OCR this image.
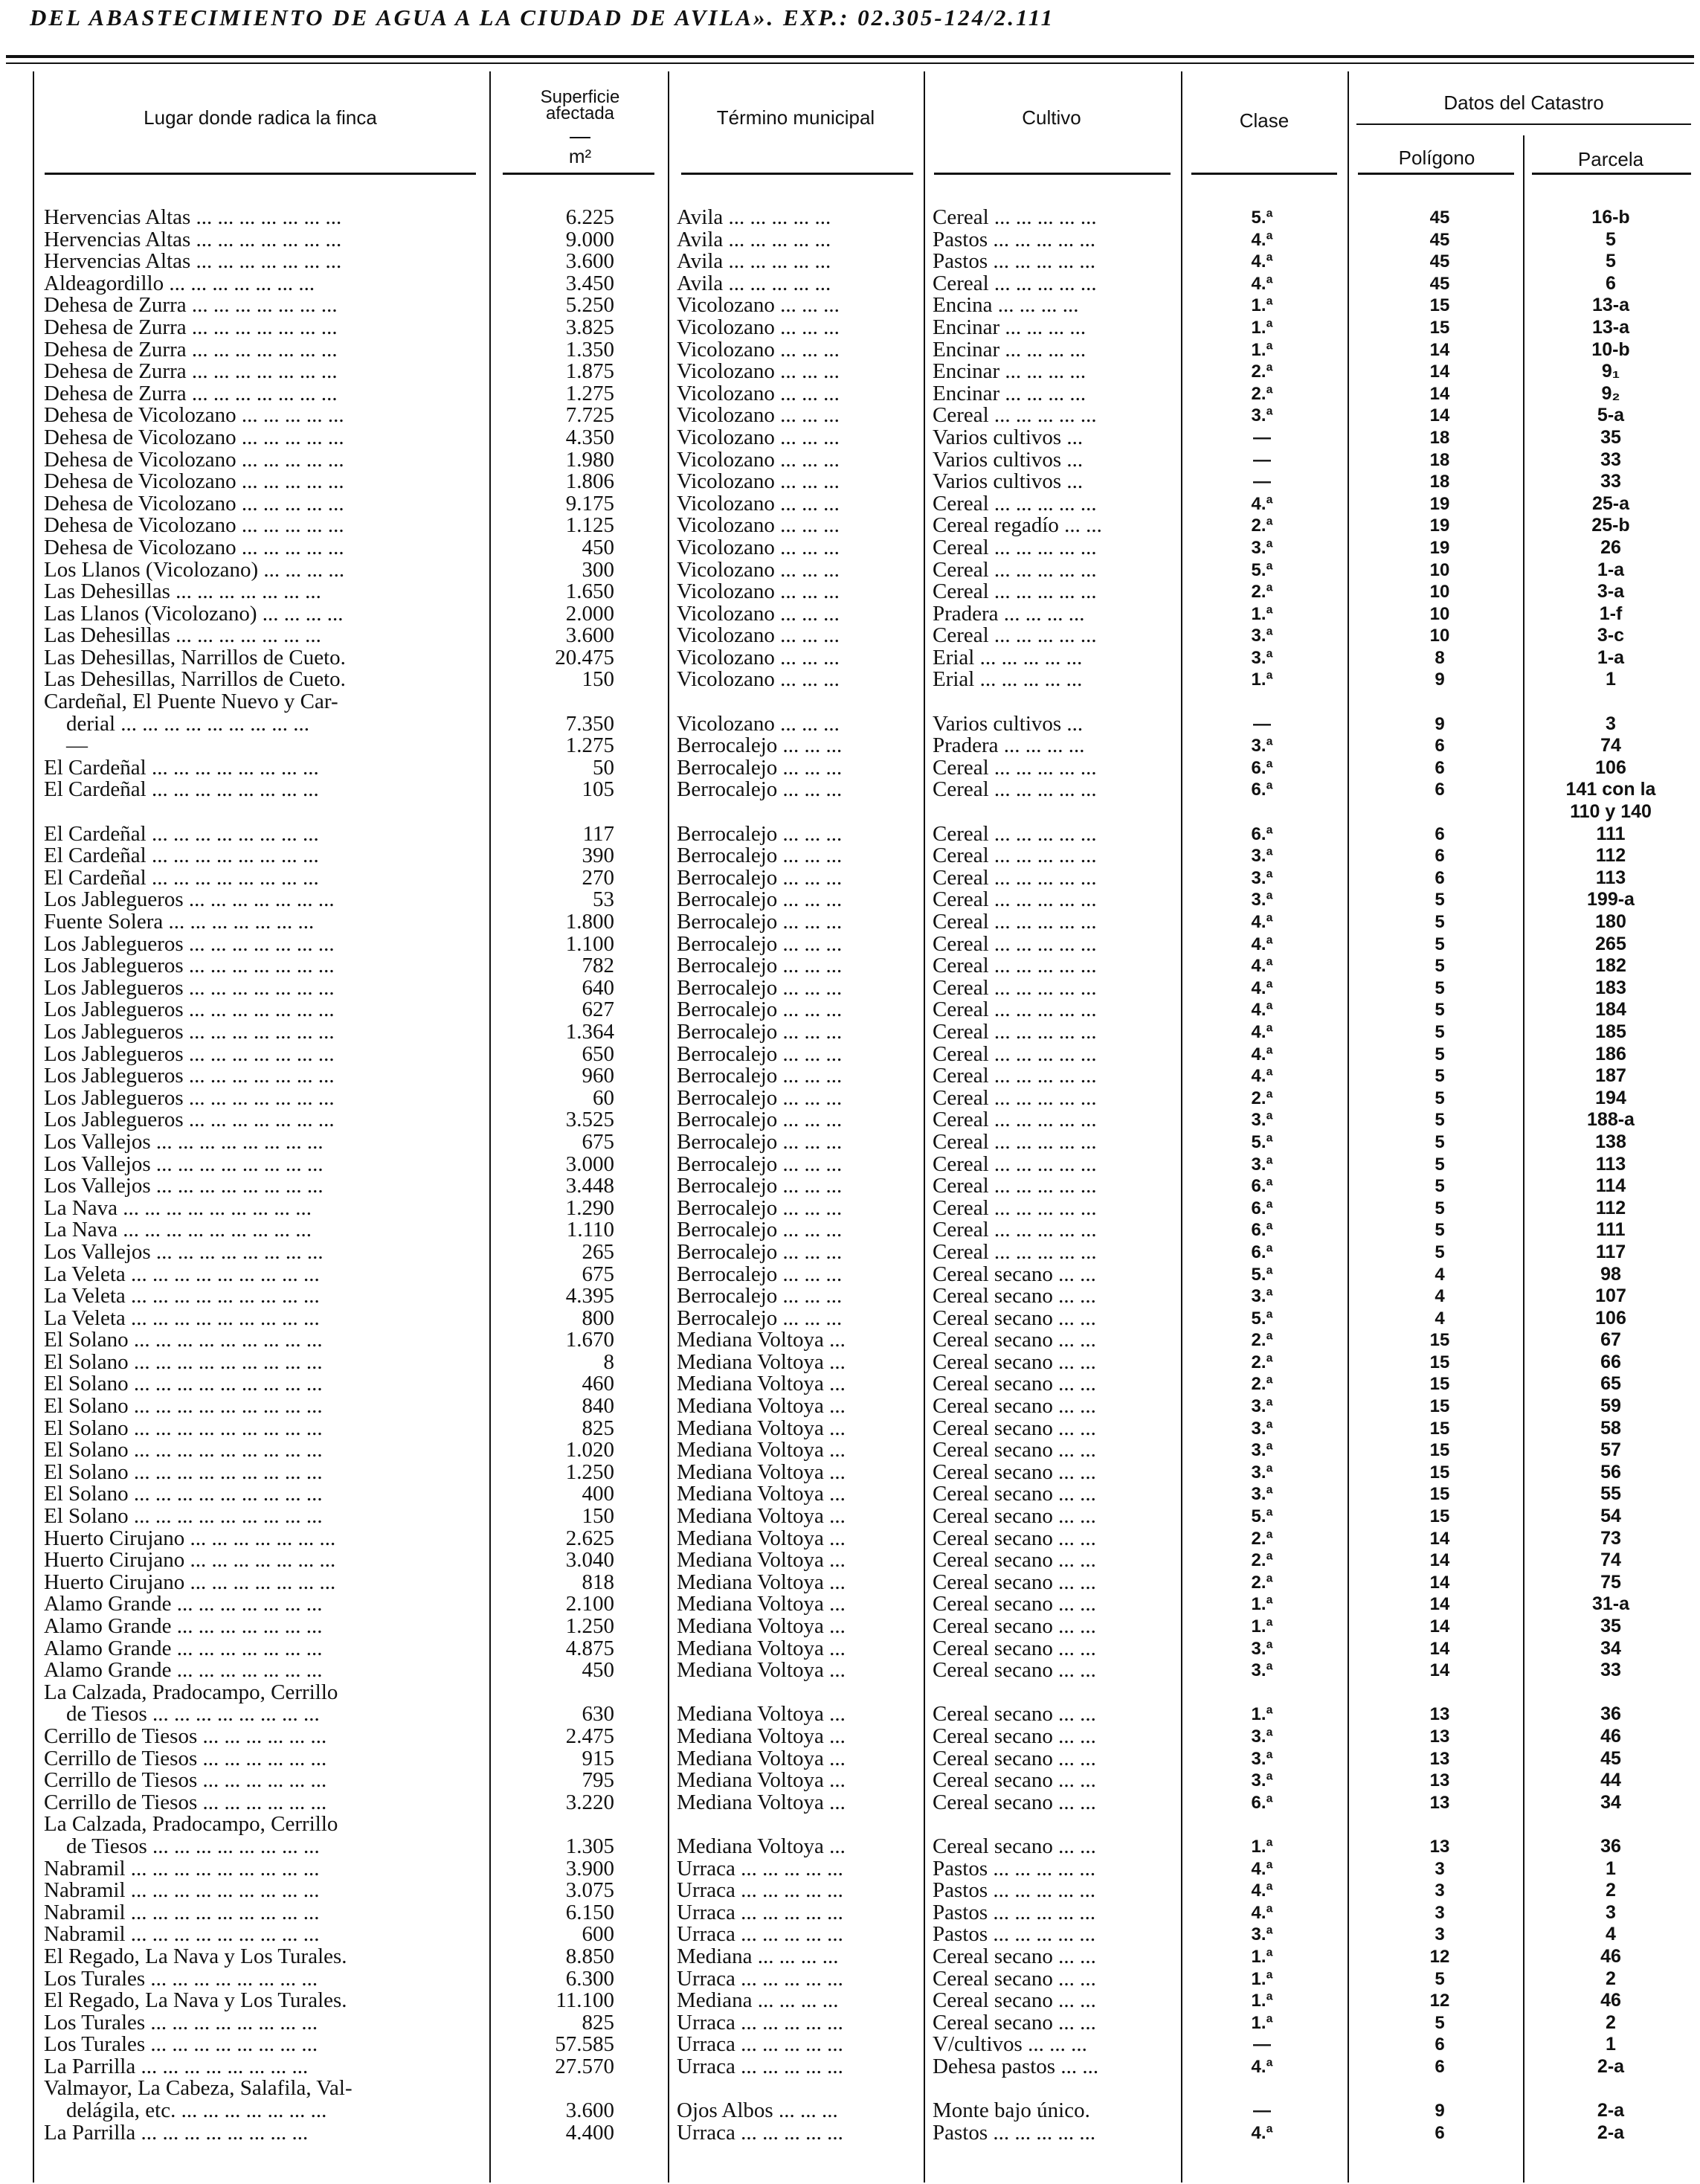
DEL ABASTECIMIENTO DE AGUA A LA CIUDAD DE AVILA». EXP.: 02.305-124/2.111
Lugar donde radica la finca
Superficie afectada
m²
Término municipal	Cultivo	Clase
Datos del Catastro
Polígono	Parcela
Hervencias Altas ... ... ... ... ... ... ...	6.225	Avila ... ... ... ... ...	Cereal ... ... ... ... ...	5.ª	45	16-b
Hervencias Altas ... ... ... ... ... ... ...	9.000	Avila ... ... ... ... ...	Pastos ... ... ... ... ...	4.ª	45	5
Hervencias Altas ... ... ... ... ... ... ...	3.600	Avila ... ... ... ... ...	Pastos ... ... ... ... ...	4.ª	45	5
Aldeagordillo ... ... ... ... ... ... ...	3.450	Avila ... ... ... ... ...	Cereal ... ... ... ... ...	4.ª	45	6
Dehesa de Zurra ... ... ... ... ... ... ...	5.250	Vicolozano ... ... ...	Encina ... ... ... ...	1.ª	15	13-a
Dehesa de Zurra ... ... ... ... ... ... ...	3.825	Vicolozano ... ... ...	Encinar ... ... ... ...	1.ª	15	13-a
Dehesa de Zurra ... ... ... ... ... ... ...	1.350	Vicolozano ... ... ...	Encinar ... ... ... ...	1.ª	14	10-b
Dehesa de Zurra ... ... ... ... ... ... ...	1.875	Vicolozano ... ... ...	Encinar ... ... ... ...	2.ª	14	9₁
Dehesa de Zurra ... ... ... ... ... ... ...	1.275	Vicolozano ... ... ...	Encinar ... ... ... ...	2.ª	14	9₂
Dehesa de Vicolozano ... ... ... ... ...	7.725	Vicolozano ... ... ...	Cereal ... ... ... ... ...	3.ª	14	5-a
Dehesa de Vicolozano ... ... ... ... ...	4.350	Vicolozano ... ... ...	Varios cultivos ...	—	18	35
Dehesa de Vicolozano ... ... ... ... ...	1.980	Vicolozano ... ... ...	Varios cultivos ...	—	18	33
Dehesa de Vicolozano ... ... ... ... ...	1.806	Vicolozano ... ... ...	Varios cultivos ...	—	18	33
Dehesa de Vicolozano ... ... ... ... ...	9.175	Vicolozano ... ... ...	Cereal ... ... ... ... ...	4.ª	19	25-a
Dehesa de Vicolozano ... ... ... ... ...	1.125	Vicolozano ... ... ...	Cereal regadío ... ...	2.ª	19	25-b
Dehesa de Vicolozano ... ... ... ... ...	450	Vicolozano ... ... ...	Cereal ... ... ... ... ...	3.ª	19	26
Los Llanos (Vicolozano) ... ... ... ...	300	Vicolozano ... ... ...	Cereal ... ... ... ... ...	5.ª	10	1-a
Las Dehesillas ... ... ... ... ... ... ...	1.650	Vicolozano ... ... ...	Cereal ... ... ... ... ...	2.ª	10	3-a
Las Llanos (Vicolozano) ... ... ... ...	2.000	Vicolozano ... ... ...	Pradera ... ... ... ...	1.ª	10	1-f
Las Dehesillas ... ... ... ... ... ... ...	3.600	Vicolozano ... ... ...	Cereal ... ... ... ... ...	3.ª	10	3-c
Las Dehesillas, Narrillos de Cueto.	20.475	Vicolozano ... ... ...	Erial ... ... ... ... ...	3.ª	8	1-a
Las Dehesillas, Narrillos de Cueto.	150	Vicolozano ... ... ...	Erial ... ... ... ... ...	1.ª	9	1
Cardeñal, El Puente Nuevo y Car-
derial ... ... ... ... ... ... ... ... ...	7.350	Vicolozano ... ... ...	Varios cultivos ...	—	9	3
—	1.275	Berrocalejo ... ... ...	Pradera ... ... ... ...	3.ª	6	74
El Cardeñal ... ... ... ... ... ... ... ...	50	Berrocalejo ... ... ...	Cereal ... ... ... ... ...	6.ª	6	106
El Cardeñal ... ... ... ... ... ... ... ...	105	Berrocalejo ... ... ...	Cereal ... ... ... ... ...	6.ª	6	141 con la
110 y 140
El Cardeñal ... ... ... ... ... ... ... ...	117	Berrocalejo ... ... ...	Cereal ... ... ... ... ...	6.ª	6	111
El Cardeñal ... ... ... ... ... ... ... ...	390	Berrocalejo ... ... ...	Cereal ... ... ... ... ...	3.ª	6	112
El Cardeñal ... ... ... ... ... ... ... ...	270	Berrocalejo ... ... ...	Cereal ... ... ... ... ...	3.ª	6	113
Los Jablegueros ... ... ... ... ... ... ...	53	Berrocalejo ... ... ...	Cereal ... ... ... ... ...	3.ª	5	199-a
Fuente Solera ... ... ... ... ... ... ...	1.800	Berrocalejo ... ... ...	Cereal ... ... ... ... ...	4.ª	5	180
Los Jablegueros ... ... ... ... ... ... ...	1.100	Berrocalejo ... ... ...	Cereal ... ... ... ... ...	4.ª	5	265
Los Jablegueros ... ... ... ... ... ... ...	782	Berrocalejo ... ... ...	Cereal ... ... ... ... ...	4.ª	5	182
Los Jablegueros ... ... ... ... ... ... ...	640	Berrocalejo ... ... ...	Cereal ... ... ... ... ...	4.ª	5	183
Los Jablegueros ... ... ... ... ... ... ...	627	Berrocalejo ... ... ...	Cereal ... ... ... ... ...	4.ª	5	184
Los Jablegueros ... ... ... ... ... ... ...	1.364	Berrocalejo ... ... ...	Cereal ... ... ... ... ...	4.ª	5	185
Los Jablegueros ... ... ... ... ... ... ...	650	Berrocalejo ... ... ...	Cereal ... ... ... ... ...	4.ª	5	186
Los Jablegueros ... ... ... ... ... ... ...	960	Berrocalejo ... ... ...	Cereal ... ... ... ... ...	4.ª	5	187
Los Jablegueros ... ... ... ... ... ... ...	60	Berrocalejo ... ... ...	Cereal ... ... ... ... ...	2.ª	5	194
Los Jablegueros ... ... ... ... ... ... ...	3.525	Berrocalejo ... ... ...	Cereal ... ... ... ... ...	3.ª	5	188-a
Los Vallejos ... ... ... ... ... ... ... ...	675	Berrocalejo ... ... ...	Cereal ... ... ... ... ...	5.ª	5	138
Los Vallejos ... ... ... ... ... ... ... ...	3.000	Berrocalejo ... ... ...	Cereal ... ... ... ... ...	3.ª	5	113
Los Vallejos ... ... ... ... ... ... ... ...	3.448	Berrocalejo ... ... ...	Cereal ... ... ... ... ...	6.ª	5	114
La Nava ... ... ... ... ... ... ... ... ...	1.290	Berrocalejo ... ... ...	Cereal ... ... ... ... ...	6.ª	5	112
La Nava ... ... ... ... ... ... ... ... ...	1.110	Berrocalejo ... ... ...	Cereal ... ... ... ... ...	6.ª	5	111
Los Vallejos ... ... ... ... ... ... ... ...	265	Berrocalejo ... ... ...	Cereal ... ... ... ... ...	6.ª	5	117
La Veleta ... ... ... ... ... ... ... ... ...	675	Berrocalejo ... ... ...	Cereal secano ... ...	5.ª	4	98
La Veleta ... ... ... ... ... ... ... ... ...	4.395	Berrocalejo ... ... ...	Cereal secano ... ...	3.ª	4	107
La Veleta ... ... ... ... ... ... ... ... ...	800	Berrocalejo ... ... ...	Cereal secano ... ...	5.ª	4	106
El Solano ... ... ... ... ... ... ... ... ...	1.670	Mediana Voltoya ...	Cereal secano ... ...	2.ª	15	67
El Solano ... ... ... ... ... ... ... ... ...	8	Mediana Voltoya ...	Cereal secano ... ...	2.ª	15	66
El Solano ... ... ... ... ... ... ... ... ...	460	Mediana Voltoya ...	Cereal secano ... ...	2.ª	15	65
El Solano ... ... ... ... ... ... ... ... ...	840	Mediana Voltoya ...	Cereal secano ... ...	3.ª	15	59
El Solano ... ... ... ... ... ... ... ... ...	825	Mediana Voltoya ...	Cereal secano ... ...	3.ª	15	58
El Solano ... ... ... ... ... ... ... ... ...	1.020	Mediana Voltoya ...	Cereal secano ... ...	3.ª	15	57
El Solano ... ... ... ... ... ... ... ... ...	1.250	Mediana Voltoya ...	Cereal secano ... ...	3.ª	15	56
El Solano ... ... ... ... ... ... ... ... ...	400	Mediana Voltoya ...	Cereal secano ... ...	3.ª	15	55
El Solano ... ... ... ... ... ... ... ... ...	150	Mediana Voltoya ...	Cereal secano ... ...	5.ª	15	54
Huerto Cirujano ... ... ... ... ... ... ...	2.625	Mediana Voltoya ...	Cereal secano ... ...	2.ª	14	73
Huerto Cirujano ... ... ... ... ... ... ...	3.040	Mediana Voltoya ...	Cereal secano ... ...	2.ª	14	74
Huerto Cirujano ... ... ... ... ... ... ...	818	Mediana Voltoya ...	Cereal secano ... ...	2.ª	14	75
Alamo Grande ... ... ... ... ... ... ...	2.100	Mediana Voltoya ...	Cereal secano ... ...	1.ª	14	31-a
Alamo Grande ... ... ... ... ... ... ...	1.250	Mediana Voltoya ...	Cereal secano ... ...	1.ª	14	35
Alamo Grande ... ... ... ... ... ... ...	4.875	Mediana Voltoya ...	Cereal secano ... ...	3.ª	14	34
Alamo Grande ... ... ... ... ... ... ...	450	Mediana Voltoya ...	Cereal secano ... ...	3.ª	14	33
La Calzada, Pradocampo, Cerrillo
de Tiesos ... ... ... ... ... ... ... ...	630	Mediana Voltoya ...	Cereal secano ... ...	1.ª	13	36
Cerrillo de Tiesos ... ... ... ... ... ...	2.475	Mediana Voltoya ...	Cereal secano ... ...	3.ª	13	46
Cerrillo de Tiesos ... ... ... ... ... ...	915	Mediana Voltoya ...	Cereal secano ... ...	3.ª	13	45
Cerrillo de Tiesos ... ... ... ... ... ...	795	Mediana Voltoya ...	Cereal secano ... ...	3.ª	13	44
Cerrillo de Tiesos ... ... ... ... ... ...	3.220	Mediana Voltoya ...	Cereal secano ... ...	6.ª	13	34
La Calzada, Pradocampo, Cerrillo
de Tiesos ... ... ... ... ... ... ... ...	1.305	Mediana Voltoya ...	Cereal secano ... ...	1.ª	13	36
Nabramil ... ... ... ... ... ... ... ... ...	3.900	Urraca ... ... ... ... ...	Pastos ... ... ... ... ...	4.ª	3	1
Nabramil ... ... ... ... ... ... ... ... ...	3.075	Urraca ... ... ... ... ...	Pastos ... ... ... ... ...	4.ª	3	2
Nabramil ... ... ... ... ... ... ... ... ...	6.150	Urraca ... ... ... ... ...	Pastos ... ... ... ... ...	4.ª	3	3
Nabramil ... ... ... ... ... ... ... ... ...	600	Urraca ... ... ... ... ...	Pastos ... ... ... ... ...	3.ª	3	4
El Regado, La Nava y Los Turales.	8.850	Mediana ... ... ... ...	Cereal secano ... ...	1.ª	12	46
Los Turales ... ... ... ... ... ... ... ...	6.300	Urraca ... ... ... ... ...	Cereal secano ... ...	1.ª	5	2
El Regado, La Nava y Los Turales.	11.100	Mediana ... ... ... ...	Cereal secano ... ...	1.ª	12	46
Los Turales ... ... ... ... ... ... ... ...	825	Urraca ... ... ... ... ...	Cereal secano ... ...	1.ª	5	2
Los Turales ... ... ... ... ... ... ... ...	57.585	Urraca ... ... ... ... ...	V/cultivos ... ... ...	—	6	1
La Parrilla ... ... ... ... ... ... ... ...	27.570	Urraca ... ... ... ... ...	Dehesa pastos ... ...	4.ª	6	2-a
Valmayor, La Cabeza, Salafila, Val-
delágila, etc. ... ... ... ... ... ... ...	3.600	Ojos Albos ... ... ...	Monte bajo único.	—	9	2-a
La Parrilla ... ... ... ... ... ... ... ...	4.400	Urraca ... ... ... ... ...	Pastos ... ... ... ... ...	4.ª	6	2-a
